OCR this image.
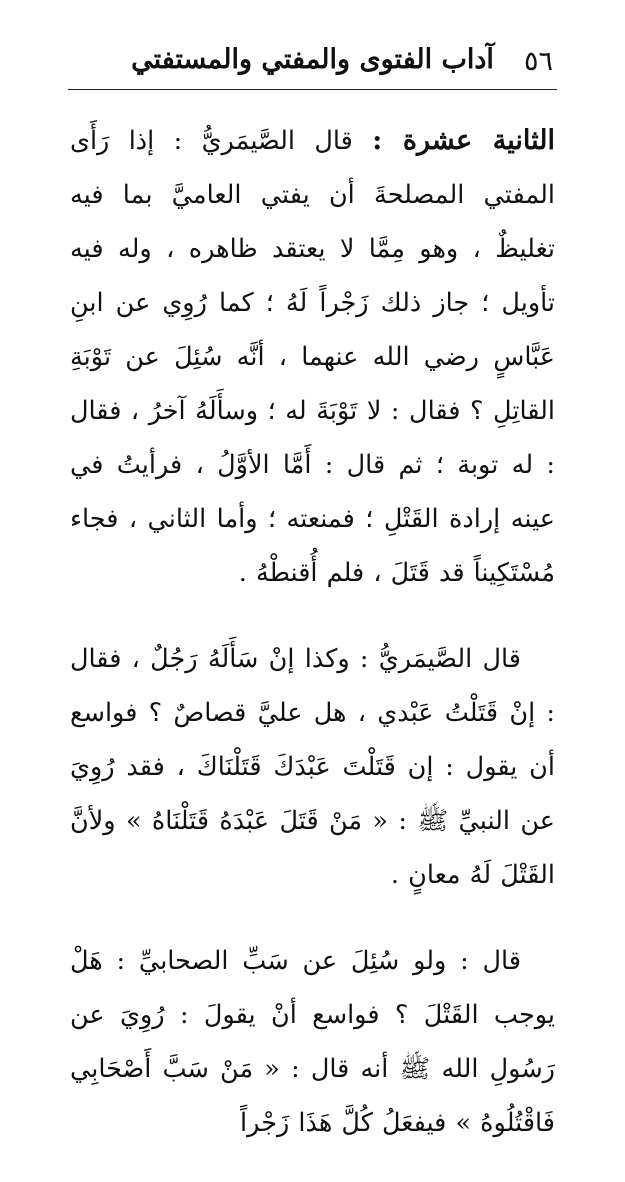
٥٦
آداب الفتوى والمفتي والمستفتي

الثانية عشرة : قال الصَّيمَريُّ : إذا رَأَى المفتي المصلحةَ أن يفتي العاميَّ بما فيه تغليظٌ ، وهو مِمَّا لا يعتقد ظاهره ، وله فيه تأويل ؛ جاز ذلك زَجْراً لَهُ ؛ كما رُوِي عن ابنِ عَبَّاسٍ رضي الله عنهما ، أنَّه سُئِلَ عن تَوْبَةِ القاتِلِ ؟ فقال : لا تَوْبَةَ له ؛ وسأَلَهُ آخرُ ، فقال : له توبة ؛ ثم قال : أَمَّا الأوَّلُ ، فرأيتُ في عينه إرادة القَتْلِ ؛ فمنعته ؛ وأما الثاني ، فجاء مُسْتَكِيناً قد قَتَلَ ، فلم أُقنطْهُ .

قال الصَّيمَريُّ : وكذا إنْ سَأَلَهُ رَجُلٌ ، فقال : إنْ قَتَلْتُ عَبْدي ، هل عليَّ قصاصٌ ؟ فواسع أن يقول : إن قَتَلْتَ عَبْدَكَ قَتَلْنَاكَ ، فقد رُوِيَ عن النبيِّ ﷺ : « مَنْ قَتَلَ عَبْدَهُ قَتَلْنَاهُ » ولأنَّ القَتْلَ لَهُ معانٍ .

قال : ولو سُئِلَ عن سَبِّ الصحابيِّ : هَلْ يوجب القَتْلَ ؟ فواسع أنْ يقولَ : رُوِيَ عن رَسُولِ الله ﷺ أنه قال : « مَنْ سَبَّ أَصْحَابِي فَاقْتُلُوهُ » فيفعَلُ كُلَّ هَذَا زَجْراً
